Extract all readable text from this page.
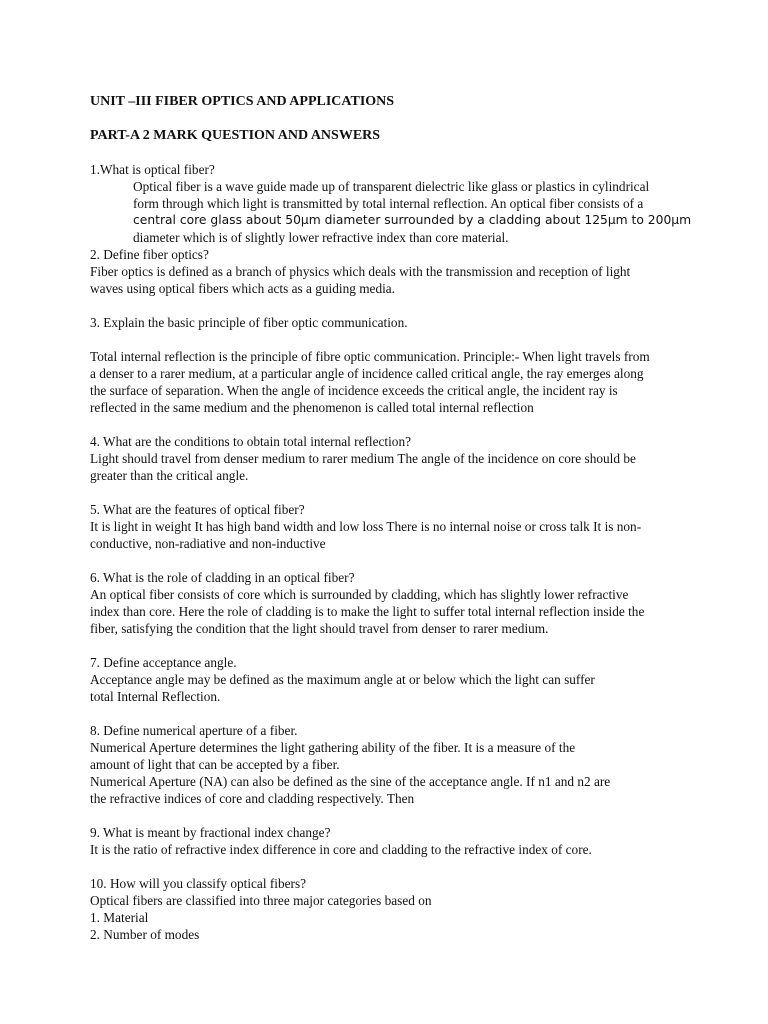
UNIT –III FIBER OPTICS AND APPLICATIONS

PART-A 2 MARK QUESTION AND ANSWERS

1.What is optical fiber?
Optical fiber is a wave guide made up of transparent dielectric like glass or plastics in cylindrical
form through which light is transmitted by total internal reflection. An optical fiber consists of a
central core glass about 50μm diameter surrounded by a cladding about 125μm to 200μm
diameter which is of slightly lower refractive index than core material.
2. Define fiber optics?
Fiber optics is defined as a branch of physics which deals with the transmission and reception of light
waves using optical fibers which acts as a guiding media.
3. Explain the basic principle of fiber optic communication.
Total internal reflection is the principle of fibre optic communication. Principle:- When light travels from
a denser to a rarer medium, at a particular angle of incidence called critical angle, the ray emerges along
the surface of separation. When the angle of incidence exceeds the critical angle, the incident ray is
reflected in the same medium and the phenomenon is called total internal reflection
4. What are the conditions to obtain total internal reflection?
Light should travel from denser medium to rarer medium The angle of the incidence on core should be
greater than the critical angle.
5. What are the features of optical fiber?
It is light in weight It has high band width and low loss There is no internal noise or cross talk It is non-
conductive, non-radiative and non-inductive
6. What is the role of cladding in an optical fiber?
An optical fiber consists of core which is surrounded by cladding, which has slightly lower refractive
index than core. Here the role of cladding is to make the light to suffer total internal reflection inside the
fiber, satisfying the condition that the light should travel from denser to rarer medium.
7. Define acceptance angle.
Acceptance angle may be defined as the maximum angle at or below which the light can suffer
total Internal Reflection.
8. Define numerical aperture of a fiber.
Numerical Aperture determines the light gathering ability of the fiber. It is a measure of the
amount of light that can be accepted by a fiber.
Numerical Aperture (NA) can also be defined as the sine of the acceptance angle. If n1 and n2 are
the refractive indices of core and cladding respectively. Then
9. What is meant by fractional index change?
It is the ratio of refractive index difference in core and cladding to the refractive index of core.
10. How will you classify optical fibers?
Optical fibers are classified into three major categories based on
1. Material
2. Number of modes
